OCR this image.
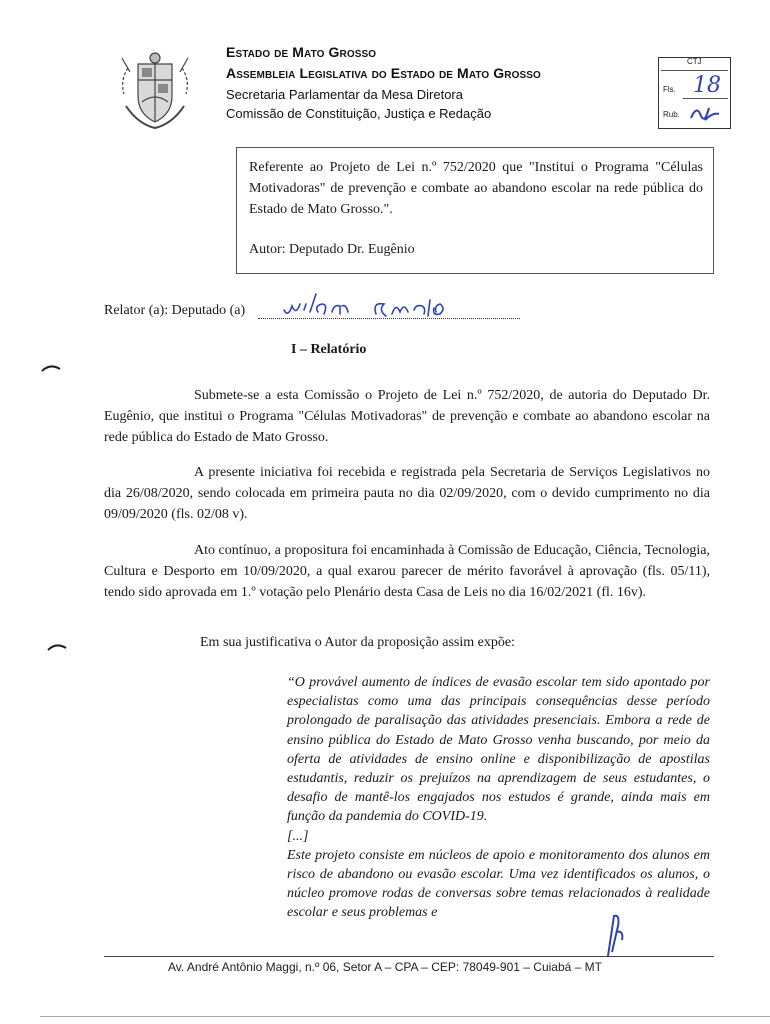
Estado de Mato Grosso
Assembleia Legislativa do Estado de Mato Grosso
Secretaria Parlamentar da Mesa Diretora
Comissão de Constituição, Justiça e Redação
CTJ
Fls. 18
Rub.
Referente ao Projeto de Lei n.º 752/2020 que "Institui o Programa "Células Motivadoras" de prevenção e combate ao abandono escolar na rede pública do Estado de Mato Grosso.".
Autor: Deputado Dr. Eugênio
Relator (a): Deputado (a)
I – Relatório
Submete-se a esta Comissão o Projeto de Lei n.º 752/2020, de autoria do Deputado Dr. Eugênio, que institui o Programa "Células Motivadoras" de prevenção e combate ao abandono escolar na rede pública do Estado de Mato Grosso.
A presente iniciativa foi recebida e registrada pela Secretaria de Serviços Legislativos no dia 26/08/2020, sendo colocada em primeira pauta no dia 02/09/2020, com o devido cumprimento no dia 09/09/2020 (fls. 02/08 v).
Ato contínuo, a propositura foi encaminhada à Comissão de Educação, Ciência, Tecnologia, Cultura e Desporto em 10/09/2020, a qual exarou parecer de mérito favorável à aprovação (fls. 05/11), tendo sido aprovada em 1.º votação pelo Plenário desta Casa de Leis no dia 16/02/2021 (fl. 16v).
Em sua justificativa o Autor da proposição assim expõe:

“O provável aumento de índices de evasão escolar tem sido apontado por especialistas como uma das principais consequências desse período prolongado de paralisação das atividades presenciais. Embora a rede de ensino pública do Estado de Mato Grosso venha buscando, por meio da oferta de atividades de ensino online e disponibilização de apostilas estudantis, reduzir os prejuízos na aprendizagem de seus estudantes, o desafio de mantê-los engajados nos estudos é grande, ainda mais em função da pandemia do COVID-19.

[...]

Este projeto consiste em núcleos de apoio e monitoramento dos alunos em risco de abandono ou evasão escolar. Uma vez identificados os alunos, o núcleo promove rodas de conversas sobre temas relacionados à realidade escolar e seus problemas e

Av. André Antônio Maggi, n.º 06, Setor A – CPA – CEP: 78049-901 – Cuiabá – MT
